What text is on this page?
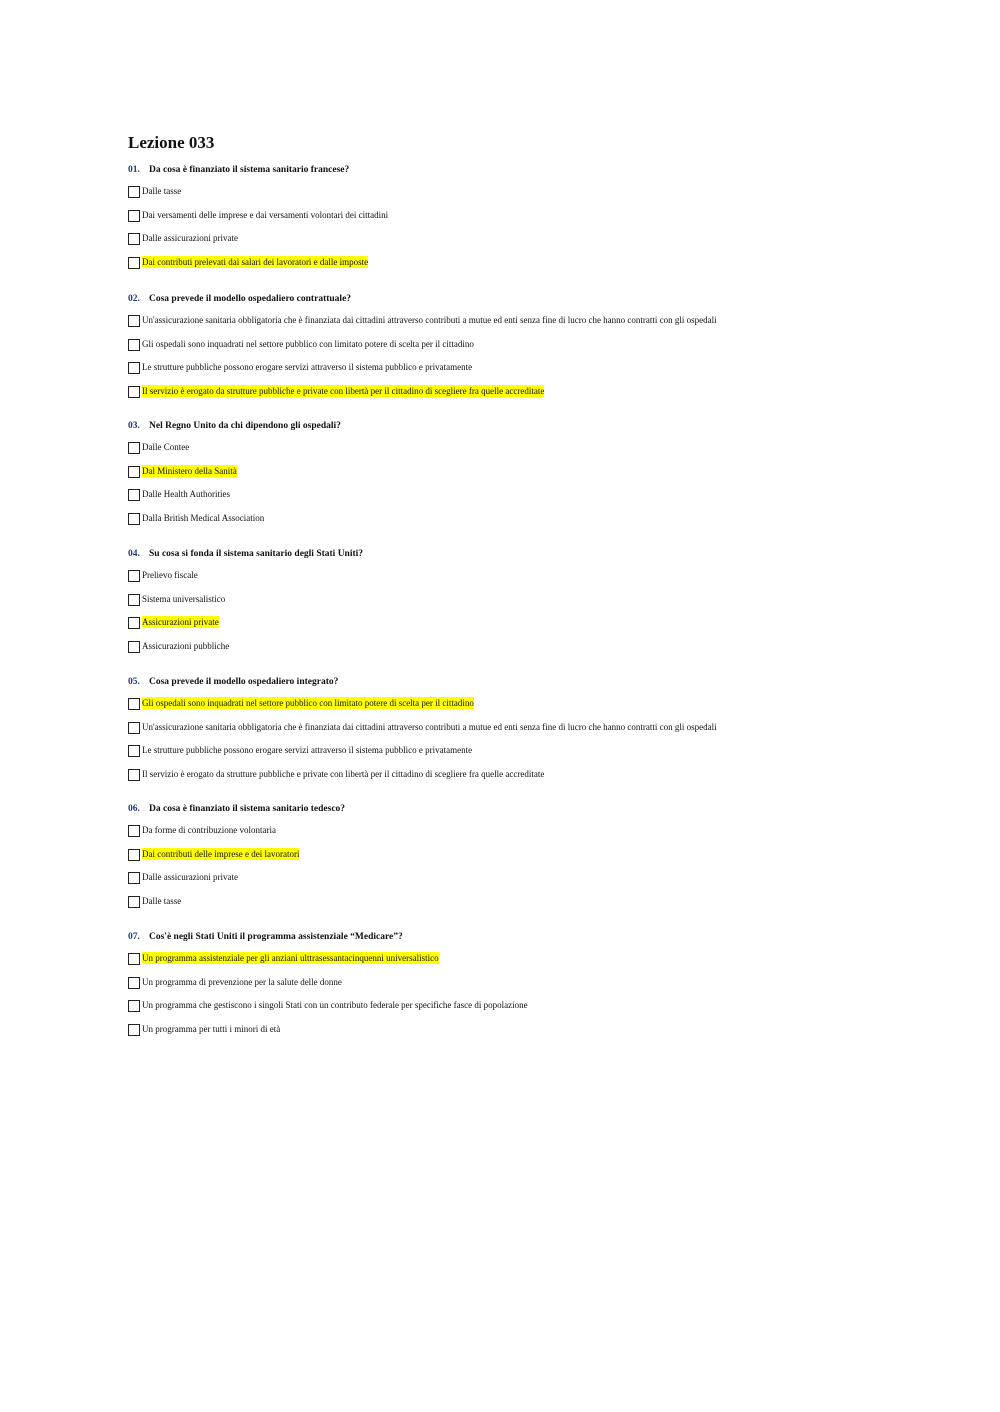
Lezione 033
01. Da cosa è finanziato il sistema sanitario francese?
Dalle tasse
Dai versamenti delle imprese e dai versamenti volontari dei cittadini
Dalle assicurazioni private
Dai contributi prelevati dai salari dei lavoratori e dalle imposte
02. Cosa prevede il modello ospedaliero contrattuale?
Un'assicurazione sanitaria obbligatoria che è finanziata dai cittadini attraverso contributi a mutue ed enti senza fine di lucro che hanno contratti con gli ospedali
Gli ospedali sono inquadrati nel settore pubblico con limitato potere di scelta per il cittadino
Le strutture pubbliche possono erogare servizi attraverso il sistema pubblico e privatamente
Il servizio è erogato da strutture pubbliche e private con libertà per il cittadino di scegliere fra quelle accreditate
03. Nel Regno Unito da chi dipendono gli ospedali?
Dalle Contee
Dal Ministero della Sanità
Dalle Health Authorities
Dalla British Medical Association
04. Su cosa si fonda il sistema sanitario degli Stati Uniti?
Prelievo fiscale
Sistema universalistico
Assicurazioni private
Assicurazioni pubbliche
05. Cosa prevede il modello ospedaliero integrato?
Gli ospedali sono inquadrati nel settore pubblico con limitato potere di scelta per il cittadino
Un'assicurazione sanitaria obbligatoria che è finanziata dai cittadini attraverso contributi a mutue ed enti senza fine di lucro che hanno contratti con gli ospedali
Le strutture pubbliche possono erogare servizi attraverso il sistema pubblico e privatamente
Il servizio è erogato da strutture pubbliche e private con libertà per il cittadino di scegliere fra quelle accreditate
06. Da cosa è finanziato il sistema sanitario tedesco?
Da forme di contribuzione volontaria
Dai contributi delle imprese e dei lavoratori
Dalle assicurazioni private
Dalle tasse
07. Cos'è negli Stati Uniti il programma assistenziale “Medicare”?
Un programma assistenziale per gli anziani ulttrasessantacinquenni universalistico
Un programma di prevenzione per la salute delle donne
Un programma che gestiscono i singoli Stati con un contributo federale per specifiche fasce di popolazione
Un programma per tutti i minori di età
